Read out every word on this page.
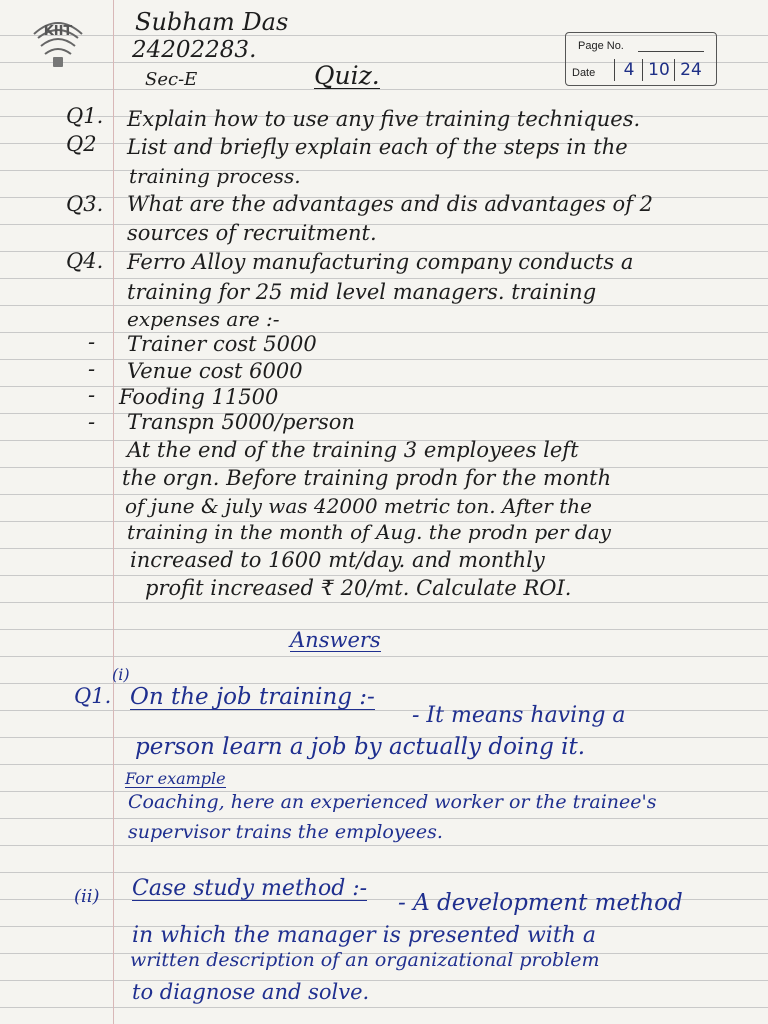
KIIT	Subham Das
24202283.
Sec-E	Quiz.
Page No.
Date	4 10 24
Q1. Explain how to use any five training techniques.
Q2 List and briefly explain each of the steps in the
training process.
Q3. What are the advantages and dis advantages of 2
sources of recruitment.
Q4. Ferro Alloy manufacturing company conducts a
training for 25 mid level managers. training
expenses are :-
- Trainer cost 5000
- Venue cost 6000
- Fooding 11500
- Transpn 5000/person
At the end of the training 3 employees left
the orgn. Before training prodn for the month
of june & july was 42000 metric ton. After the
training in the month of Aug. the prodn per day
increased to 1600 mt/day. and monthly
profit increased ₹ 20/mt. Calculate ROI.
Answers
Q1.
(i)
On the job training :-
- It means having a
person learn a job by actually doing it.
For example
Coaching, here an experienced worker or the trainee's
supervisor trains the employees.
(ii) Case study method :-
- A development method
in which the manager is presented with a
written description of an organizational problem
to diagnose and solve.
